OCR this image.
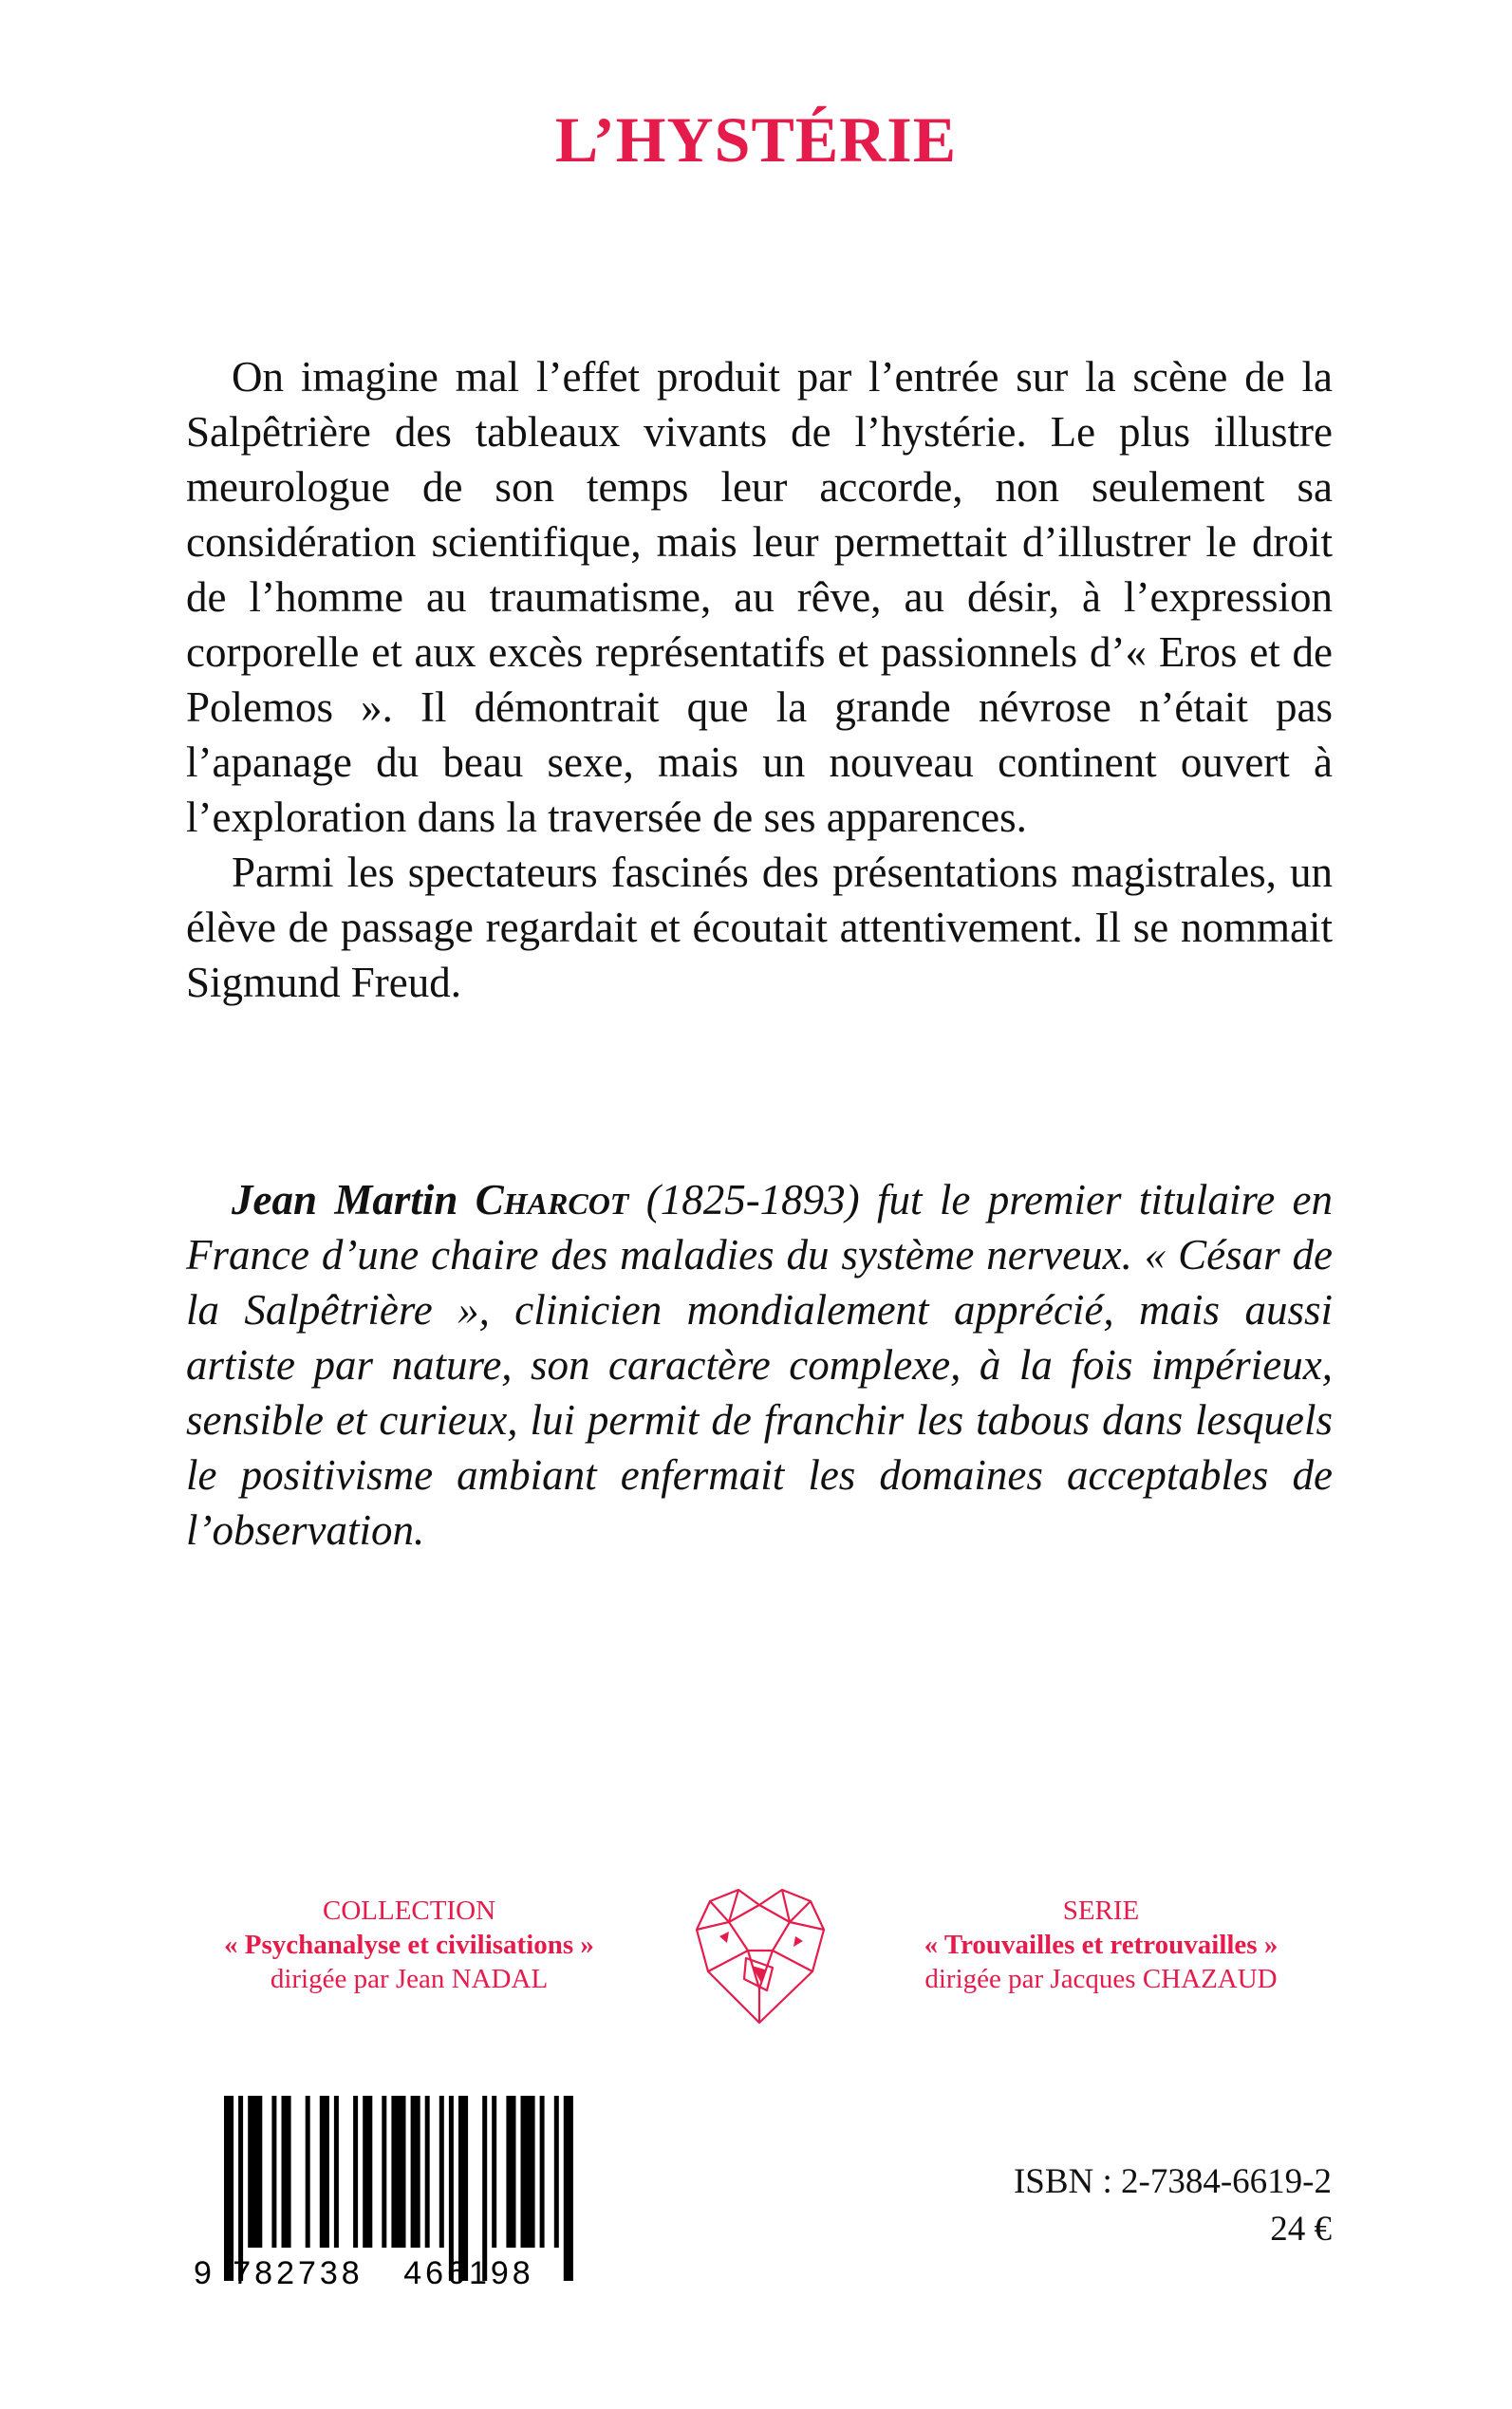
L’HYSTÉRIE

On imagine mal l’effet produit par l’entrée sur la scène de la Salpêtrière des tableaux vivants de l’hystérie. Le plus illustre meurologue de son temps leur accorde, non seulement sa considération scientifique, mais leur permettait d’illustrer le droit de l’homme au traumatisme, au rêve, au désir, à l’expression corporelle et aux excès représentatifs et passionnels d’« Eros et de Polemos ». Il démontrait que la grande névrose n’était pas l’apanage du beau sexe, mais un nouveau continent ouvert à l’exploration dans la traversée de ses apparences.

Parmi les spectateurs fascinés des présentations magistrales, un élève de passage regardait et écoutait attentivement. Il se nommait Sigmund Freud.

Jean Martin Charcot (1825-1893) fut le premier titulaire en France d’une chaire des maladies du système nerveux. « César de la Salpêtrière », clinicien mondialement apprécié, mais aussi artiste par nature, son caractère complexe, à la fois impérieux, sensible et curieux, lui permit de franchir les tabous dans lesquels le positivisme ambiant enfermait les domaines acceptables de l’observation.

COLLECTION
« Psychanalyse et civilisations »
dirigée par Jean NADAL
SERIE
« Trouvailles et retrouvailles »
dirigée par Jacques CHAZAUD
9 782738 466198
ISBN : 2-7384-6619-2
24 €
